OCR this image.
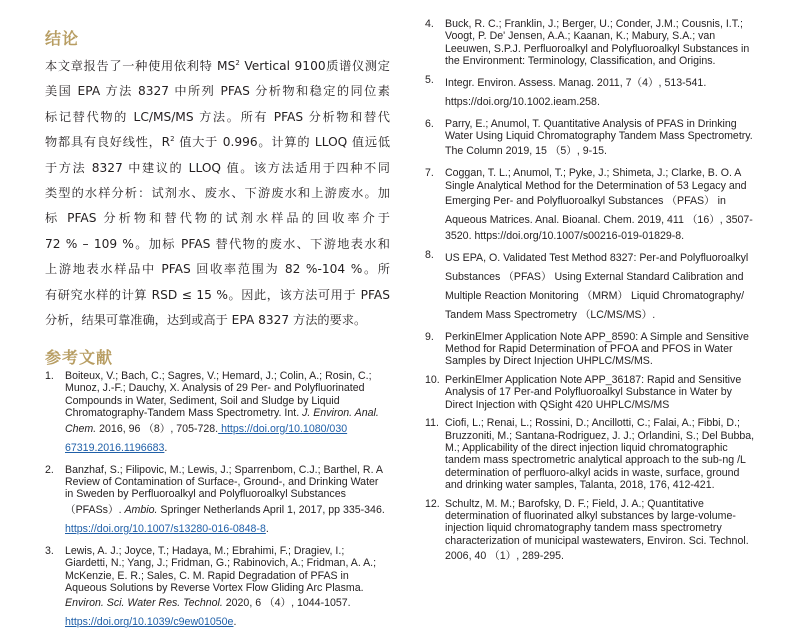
结论

本文章报告了一种使用依利特 $MS^2$ Vertical 9100质谱仪测定
美国 EPA 方法 8327 中所列 PFAS 分析物和稳定的同位素
标记替代物的 LC/MS/MS 方法。所有 PFAS 分析物和替代
物都具有良好线性，$R^2$ 值大于 0.996。计算的 LLOQ 值远低
于方法 8327 中建议的 LLOQ 值。该方法适用于四种不同
类型的水样分析：试剂水、废水、下游废水和上游废水。加
标 PFAS 分析物和替代物的试剂水样品的回收率介于
72 % – 109 %。加标 PFAS 替代物的废水、下游地表水和
上游地表水样品中 PFAS 回收率范围为 82 %-104 %。所
有研究水样的计算 RSD ≤ 15 %。因此，该方法可用于 PFAS
分析，结果可靠准确，达到或高于 EPA 8327 方法的要求。

参考文献
1. Boiteux, V.; Bach, C.; Sagres, V.; Hemard, J.; Colin, A.; Rosin, C.;
Munoz, J.-F.; Dauchy, X. Analysis of 29 Per- and Polyfluorinated
Compounds in Water, Sediment, Soil and Sludge by Liquid
Chromatography-Tandem Mass Spectrometry. Int. J. Environ. Anal.
Chem. 2016, 96 （8）, 705-728. https://doi.org/10.1080/030
67319.2016.1196683.
2. Banzhaf, S.; Filipovic, M.; Lewis, J.; Sparrenbom, C.J.; Barthel, R. A
Review of Contamination of Surface-, Ground-, and Drinking Water
in Sweden by Perfluoroalkyl and Polyfluoroalkyl Substances
（PFASs）. Ambio. Springer Netherlands April 1, 2017, pp 335-346.
https://doi.org/10.1007/s13280-016-0848-8.
3. Lewis, A. J.; Joyce, T.; Hadaya, M.; Ebrahimi, F.; Dragiev, I.;
Giardetti, N.; Yang, J.; Fridman, G.; Rabinovich, A.; Fridman, A. A.;
McKenzie, E. R.; Sales, C. M. Rapid Degradation of PFAS in
Aqueous Solutions by Reverse Vortex Flow Gliding Arc Plasma.
Environ. Sci. Water Res. Technol. 2020, 6 （4）, 1044-1057.
https://doi.org/10.1039/c9ew01050e.
4. Buck, R. C.; Franklin, J.; Berger, U.; Conder, J.M.; Cousnis, I.T.;
Voogt, P. De' Jensen, A.A.; Kaanan, K.; Mabury, S.A.; van
Leeuwen, S.P.J. Perfluoroalkyl and Polyfluoroalkyl Substances in
the Environment: Terminology, Classification, and Origins.
5. Integr. Environ. Assess. Manag. 2011, 7（4）, 513-541.
https://doi.org/10.1002.ieam.258.
6. Parry, E.; Anumol, T. Quantitative Analysis of PFAS in Drinking
Water Using Liquid Chromatography Tandem Mass Spectrometry.
The Column 2019, 15 （5）, 9-15.
7. Coggan, T. L.; Anumol, T.; Pyke, J.; Shimeta, J.; Clarke, B. O. A
Single Analytical Method for the Determination of 53 Legacy and
Emerging Per- and Polyfluoroalkyl Substances （PFAS） in
Aqueous Matrices. Anal. Bioanal. Chem. 2019, 411 （16）, 3507-
3520. https://doi.org/10.1007/s00216-019-01829-8.
8. US EPA, O. Validated Test Method 8327: Per-and Polyfluoroalkyl
Substances （PFAS） Using External Standard Calibration and
Multiple Reaction Monitoring （MRM） Liquid Chromatography/
Tandem Mass Spectrometry （LC/MS/MS）.
9. PerkinElmer Application Note APP_8590: A Simple and Sensitive
Method for Rapid Determination of PFOA and PFOS in Water
Samples by Direct Injection UHPLC/MS/MS.
10. PerkinElmer Application Note APP_36187: Rapid and Sensitive
Analysis of 17 Per-and Polyfluoroalkyl Substance in Water by
Direct Injection with QSight 420 UHPLC/MS/MS
11. Ciofi, L.; Renai, L.; Rossini, D.; Ancillotti, C.; Falai, A.; Fibbi, D.;
Bruzzoniti, M.; Santana-Rodriguez, J. J.; Orlandini, S.; Del Bubba,
M.; Applicability of the direct injection liquid chromatographic
tandem mass spectrometric analytical approach to the sub-ng /L
determination of perfluoro-alkyl acids in waste, surface, ground
and drinking water samples, Talanta, 2018, 176, 412-421.
12. Schultz, M. M.; Barofsky, D. F.; Field, J. A.; Quantitative
determination of fluorinated alkyl substances by large-volume-
injection liquid chromatography tandem mass spectrometry
characterization of municipal wastewaters, Environ. Sci. Technol.
2006, 40 （1）, 289-295.
